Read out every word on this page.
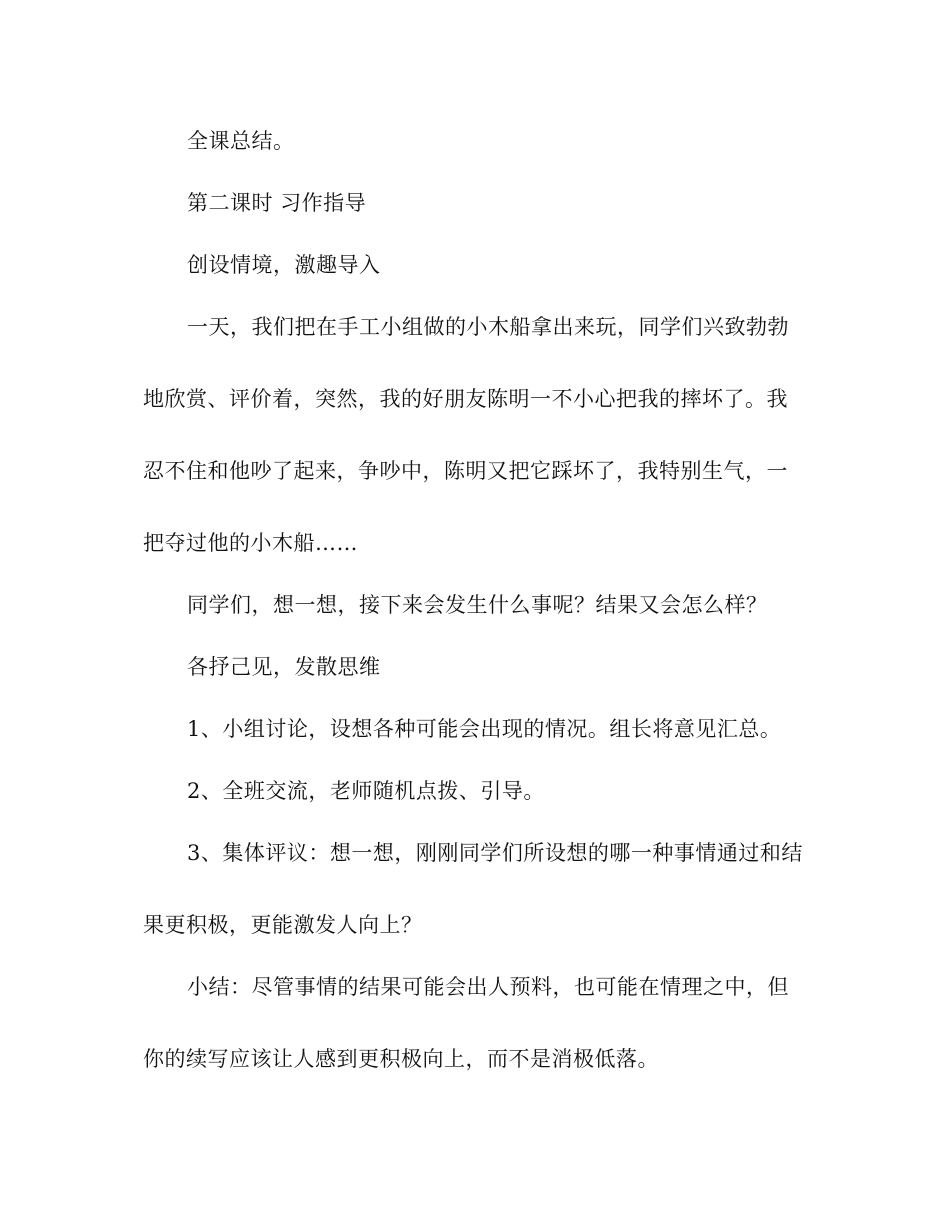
全课总结。
第二课时 习作指导
创设情境，激趣导入
一天，我们把在手工小组做的小木船拿出来玩，同学们兴致勃勃
地欣赏、评价着，突然，我的好朋友陈明一不小心把我的摔坏了。我
忍不住和他吵了起来，争吵中，陈明又把它踩坏了，我特别生气，一
把夺过他的小木船……
同学们，想一想，接下来会发生什么事呢？结果又会怎么样？
各抒己见，发散思维
1、小组讨论，设想各种可能会出现的情况。组长将意见汇总。
2、全班交流，老师随机点拨、引导。
3、集体评议：想一想，刚刚同学们所设想的哪一种事情通过和结
果更积极，更能激发人向上？
小结：尽管事情的结果可能会出人预料，也可能在情理之中，但
你的续写应该让人感到更积极向上，而不是消极低落。
